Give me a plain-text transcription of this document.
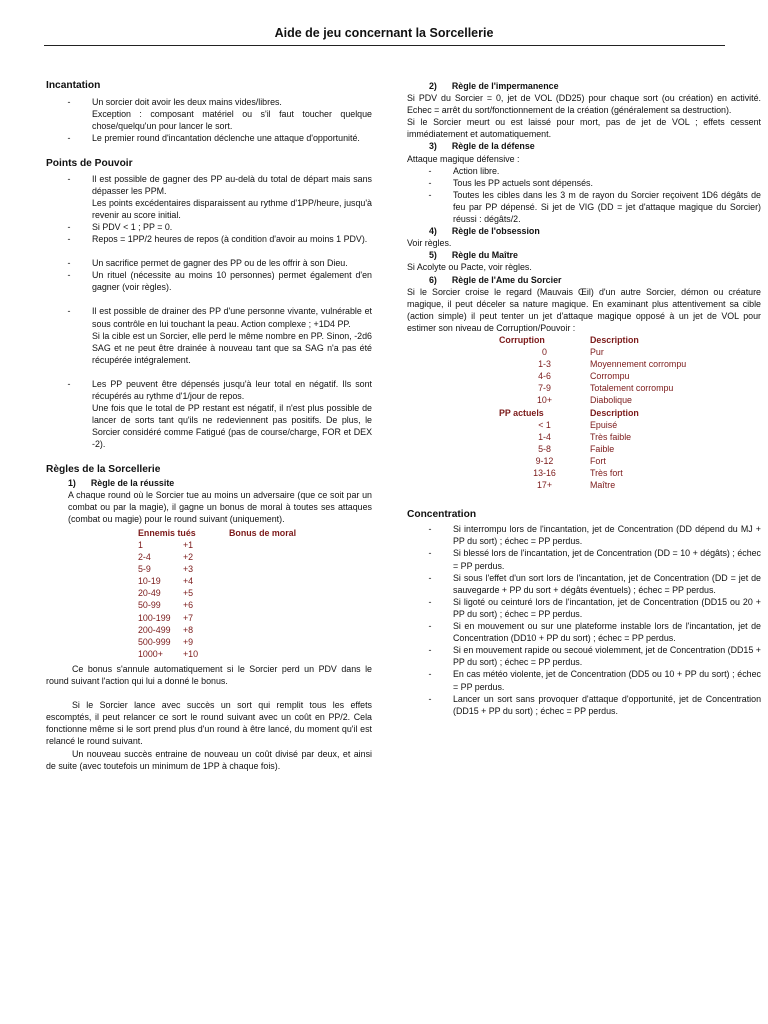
Aide de jeu concernant la Sorcellerie

Incantation

-	Un sorcier doit avoir les deux mains vides/libres.
Exception : composant matériel ou s'il faut toucher quelque chose/quelqu'un pour lancer le sort.
-	Le premier round d'incantation déclenche une attaque d'opportunité.

Points de Pouvoir

-	Il est possible de gagner des PP au-delà du total de départ mais sans dépasser les PPM.
Les points excédentaires disparaissent au rythme d'1PP/heure, jusqu'à revenir au score initial.
-	Si PDV < 1 ; PP = 0.
-	Repos = 1PP/2 heures de repos (à condition d'avoir au moins 1 PDV).
-	Un sacrifice permet de gagner des PP ou de les offrir à son Dieu.
-	Un rituel (nécessite au moins 10 personnes) permet également d'en gagner (voir règles).
-	Il est possible de drainer des PP d'une personne vivante, vulnérable et sous contrôle en lui touchant la peau. Action complexe ; +1D4 PP.
Si la cible est un Sorcier, elle perd le même nombre en PP. Sinon, -2d6 SAG et ne peut être drainée à nouveau tant que sa SAG n'a pas été récupérée intégralement.
-	Les PP peuvent être dépensés jusqu'à leur total en négatif. Ils sont récupérés au rythme d'1/jour de repos.
Une fois que le total de PP restant est négatif, il n'est plus possible de lancer de sorts tant qu'ils ne redeviennent pas positifs. De plus, le Sorcier considéré comme Fatigué (pas de course/charge, FOR et DEX -2).

Règles de la Sorcellerie

1) Règle de la réussite
A chaque round où le Sorcier tue au moins un adversaire (que ce soit par un combat ou par la magie), il gagne un bonus de moral à toutes ses attaques (combat ou magie) pour le round suivant (uniquement).
Ennemis tués	Bonus de moral
1	+1
2-4	+2
5-9	+3
10-19	+4
20-49	+5
50-99	+6
100-199	+7
200-499	+8
500-999	+9
1000+	+10
Ce bonus s'annule automatiquement si le Sorcier perd un PDV dans le round suivant l'action qui lui a donné le bonus.
Si le Sorcier lance avec succès un sort qui remplit tous les effets escomptés, il peut relancer ce sort le round suivant avec un coût en PP/2. Cela fonctionne même si le sort prend plus d'un round à être lancé, du moment qu'il est relancé le round suivant.
Un nouveau succès entraine de nouveau un coût divisé par deux, et ainsi de suite (avec toutefois un minimum de 1PP à chaque fois).
2) Règle de l'impermanence
Si PDV du Sorcier = 0, jet de VOL (DD25) pour chaque sort (ou création) en activité. Echec = arrêt du sort/fonctionnement de la création (généralement sa destruction).
Si le Sorcier meurt ou est laissé pour mort, pas de jet de VOL ; effets cessent immédiatement et automatiquement.
3) Règle de la défense
Attaque magique défensive :
-	Action libre.
-	Tous les PP actuels sont dépensés.
-	Toutes les cibles dans les 3 m de rayon du Sorcier reçoivent 1D6 dégâts de feu par PP dépensé. Si jet de VIG (DD = jet d'attaque magique du Sorcier) réussi : dégâts/2.
4) Règle de l'obsession
Voir règles.
5) Règle du Maître
Si Acolyte ou Pacte, voir règles.
6) Règle de l'Ame du Sorcier
Si le Sorcier croise le regard (Mauvais Œil) d'un autre Sorcier, démon ou créature magique, il peut déceler sa nature magique. En examinant plus attentivement sa cible (action simple) il peut tenter un jet d'attaque magique opposé à un jet de VOL pour estimer son niveau de Corruption/Pouvoir :
Corruption	Description
0	Pur
1-3	Moyennement corrompu
4-6	Corrompu
7-9	Totalement corrompu
10+	Diabolique
PP actuels	Description
< 1	Epuisé
1-4	Très faible
5-8	Faible
9-12	Fort
13-16	Très fort
17+	Maître

Concentration

-	Si interrompu lors de l'incantation, jet de Concentration (DD dépend du MJ + PP du sort) ; échec = PP perdus.
-	Si blessé lors de l'incantation, jet de Concentration (DD = 10 + dégâts) ; échec = PP perdus.
-	Si sous l'effet d'un sort lors de l'incantation, jet de Concentration (DD = jet de sauvegarde + PP du sort + dégâts éventuels) ; échec = PP perdus.
-	Si ligoté ou ceinturé lors de l'incantation, jet de Concentration (DD15 ou 20 + PP du sort) ; échec = PP perdus.
-	Si en mouvement ou sur une plateforme instable lors de l'incantation, jet de Concentration (DD10 + PP du sort) ; échec = PP perdus.
-	Si en mouvement rapide ou secoué violemment, jet de Concentration (DD15 + PP du sort) ; échec = PP perdus.
-	En cas météo violente, jet de Concentration (DD5 ou 10 + PP du sort) ; échec = PP perdus.
-	Lancer un sort sans provoquer d'attaque d'opportunité, jet de Concentration (DD15 + PP du sort) ; échec = PP perdus.
